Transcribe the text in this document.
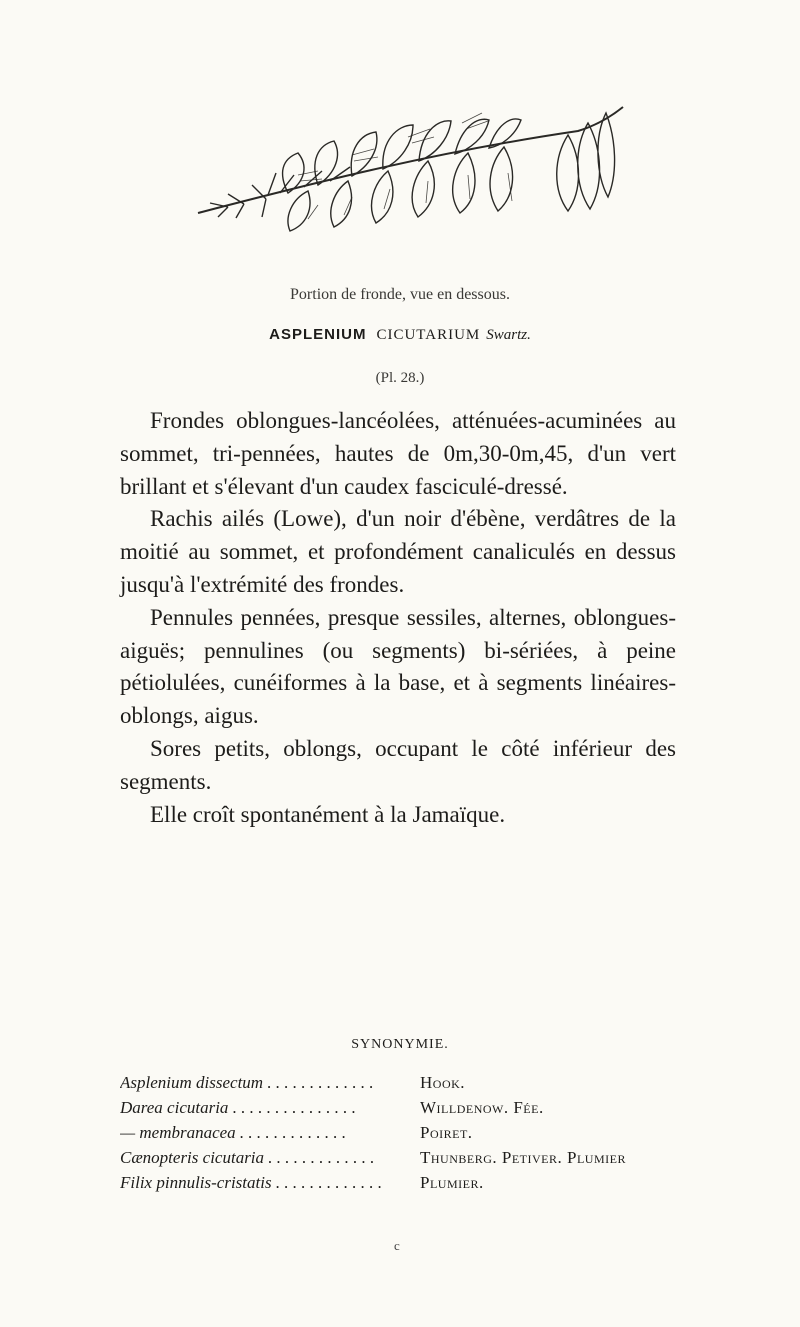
Portion de fronde, vue en dessous.
ASPLENIUM CICUTARIUM Swartz.
(Pl. 28.)

Frondes oblongues-lancéolées, atténuées-acuminées au sommet, tri-pennées, hautes de 0m,30-0m,45, d'un vert brillant et s'élevant d'un caudex fasciculé-dressé.

Rachis ailés (Lowe), d'un noir d'ébène, verdâtres de la moitié au sommet, et profondément canaliculés en dessus jusqu'à l'extrémité des frondes.

Pennules pennées, presque sessiles, alternes, oblongues-aiguës; pennulines (ou segments) bi-sériées, à peine pétiolulées, cunéiformes à la base, et à segments linéaires-oblongs, aigus.

Sores petits, oblongs, occupant le côté inférieur des segments.

Elle croît spontanément à la Jamaïque.

SYNONYMIE.
Asplenium dissectum . . . . . . . . . . . . .	Hook.
Darea cicutaria . . . . . . . . . . . . . . .	Willdenow. Fée.
— membranacea . . . . . . . . . . . . .	Poiret.
Cænopteris cicutaria . . . . . . . . . . . . .	Thunberg. Petiver. Plumier
Filix pinnulis-cristatis . . . . . . . . . . . . . Plumier.
c
